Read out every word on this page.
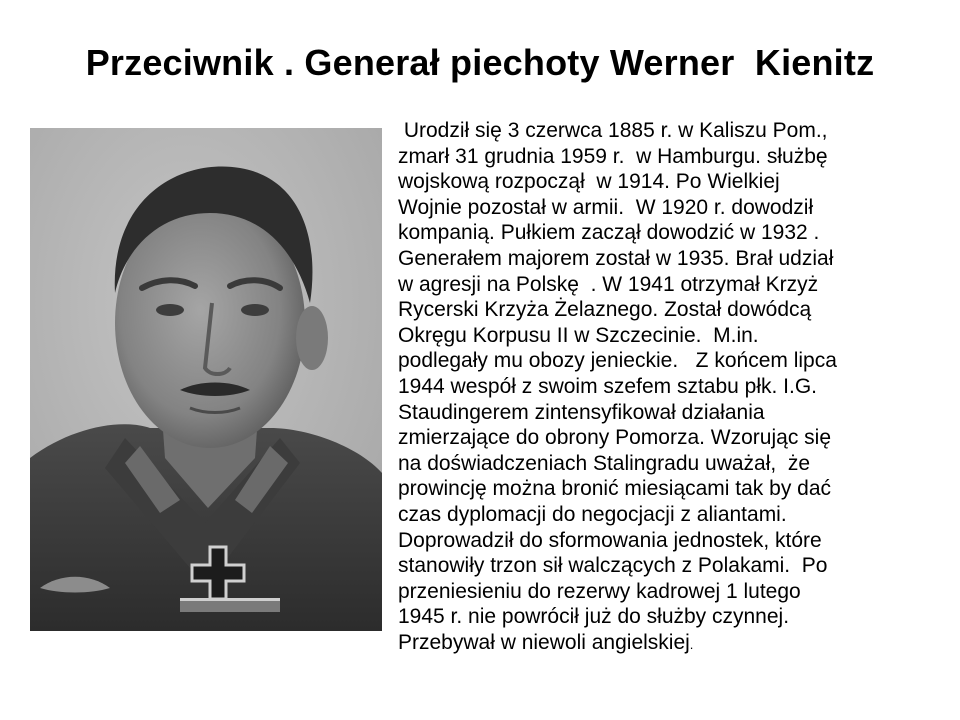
Przeciwnik . Generał piechoty Werner  Kienitz
Urodził się 3 czerwca 1885 r. w Kaliszu Pom.,
zmarł 31 grudnia 1959 r.  w Hamburgu. służbę
wojskową rozpoczął  w 1914. Po Wielkiej
Wojnie pozostał w armii.  W 1920 r. dowodził
kompanią. Pułkiem zaczął dowodzić w 1932 .
Generałem majorem został w 1935. Brał udział
w agresji na Polskę  . W 1941 otrzymał Krzyż
Rycerski Krzyża Żelaznego. Został dowódcą
Okręgu Korpusu II w Szczecinie.  M.in.
podlegały mu obozy jenieckie.   Z końcem lipca
1944 wespół z swoim szefem sztabu płk. I.G.
Staudingerem zintensyfikował działania
zmierzające do obrony Pomorza. Wzorując się
na doświadczeniach Stalingradu uważał,  że
prowincję można bronić miesiącami tak by dać
czas dyplomacji do negocjacji z aliantami.
Doprowadził do sformowania jednostek, które
stanowiły trzon sił walczących z Polakami.  Po
przeniesieniu do rezerwy kadrowej 1 lutego
1945 r. nie powrócił już do służby czynnej.
Przebywał w niewoli angielskiej.
